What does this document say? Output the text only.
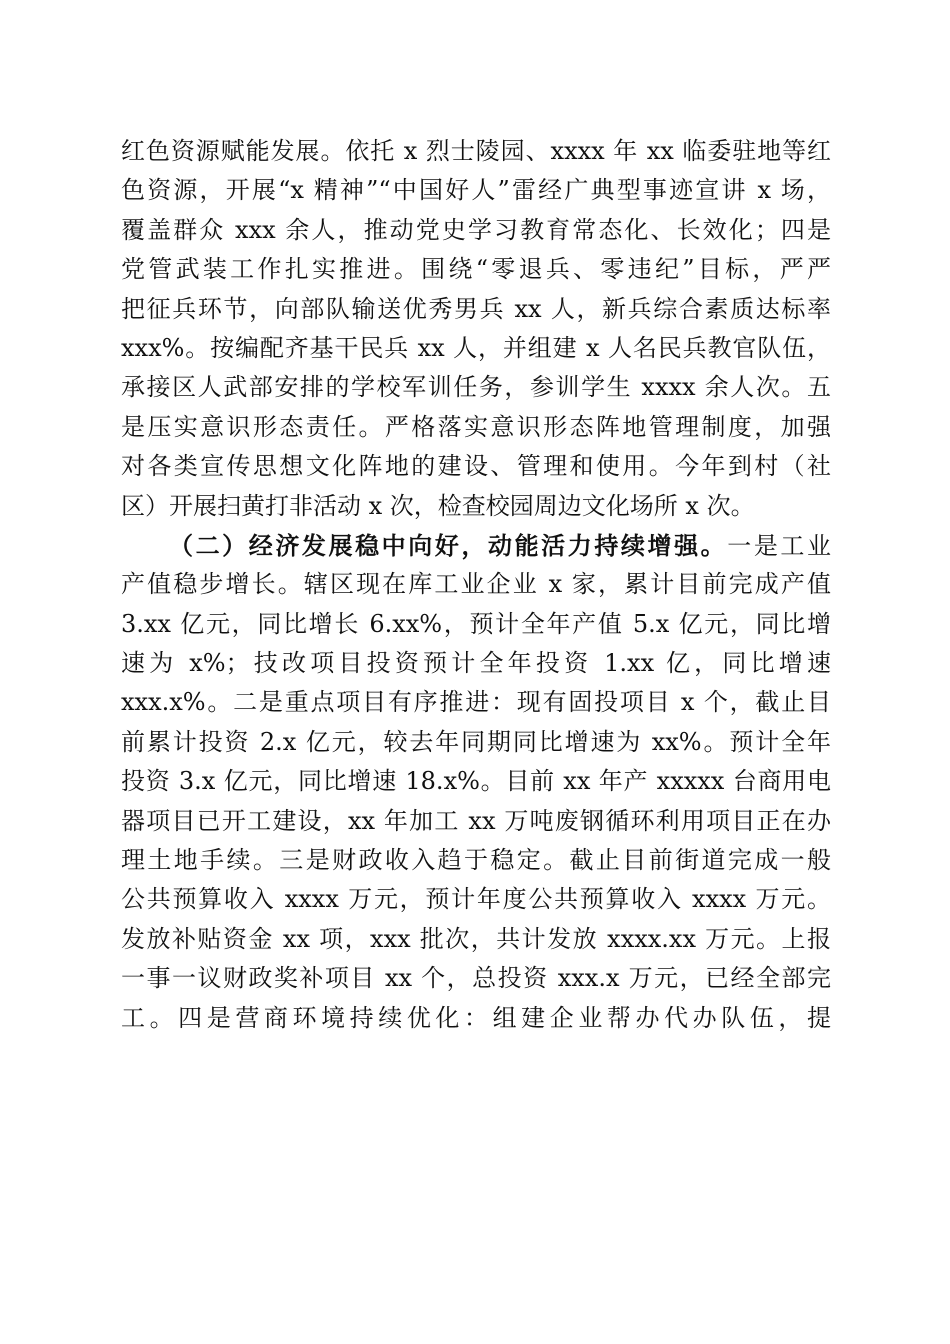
红色资源赋能发展。依托 x 烈士陵园、xxxx 年 xx 临委驻地等红
色资源，开展“x 精神”“中国好人”雷经广典型事迹宣讲 x 场，
覆盖群众 xxx 余人，推动党史学习教育常态化、长效化；四是
党管武装工作扎实推进。围绕“零退兵、零违纪”目标，严严
把征兵环节，向部队输送优秀男兵 xx 人，新兵综合素质达标率
xxx%。按编配齐基干民兵 xx 人，并组建 x 人名民兵教官队伍，
承接区人武部安排的学校军训任务，参训学生 xxxx 余人次。五
是压实意识形态责任。严格落实意识形态阵地管理制度，加强
对各类宣传思想文化阵地的建设、管理和使用。今年到村（社
区）开展扫黄打非活动 x 次，检查校园周边文化场所 x 次。
（二）经济发展稳中向好，动能活力持续增强。一是工业
产值稳步增长。辖区现在库工业企业 x 家，累计目前完成产值
3.xx 亿元，同比增长 6.xx%，预计全年产值 5.x 亿元，同比增
速为 x%；技改项目投资预计全年投资 1.xx 亿，同比增速
xxx.x%。二是重点项目有序推进：现有固投项目 x 个，截止目
前累计投资 2.x 亿元，较去年同期同比增速为 xx%。预计全年
投资 3.x 亿元，同比增速 18.x%。目前 xx 年产 xxxxx 台商用电
器项目已开工建设，xx 年加工 xx 万吨废钢循环利用项目正在办
理土地手续。三是财政收入趋于稳定。截止目前街道完成一般
公共预算收入 xxxx 万元，预计年度公共预算收入 xxxx 万元。
发放补贴资金 xx 项，xxx 批次，共计发放 xxxx.xx 万元。上报
一事一议财政奖补项目 xx 个，总投资 xxx.x 万元，已经全部完
工。四是营商环境持续优化：组建企业帮办代办队伍，提
